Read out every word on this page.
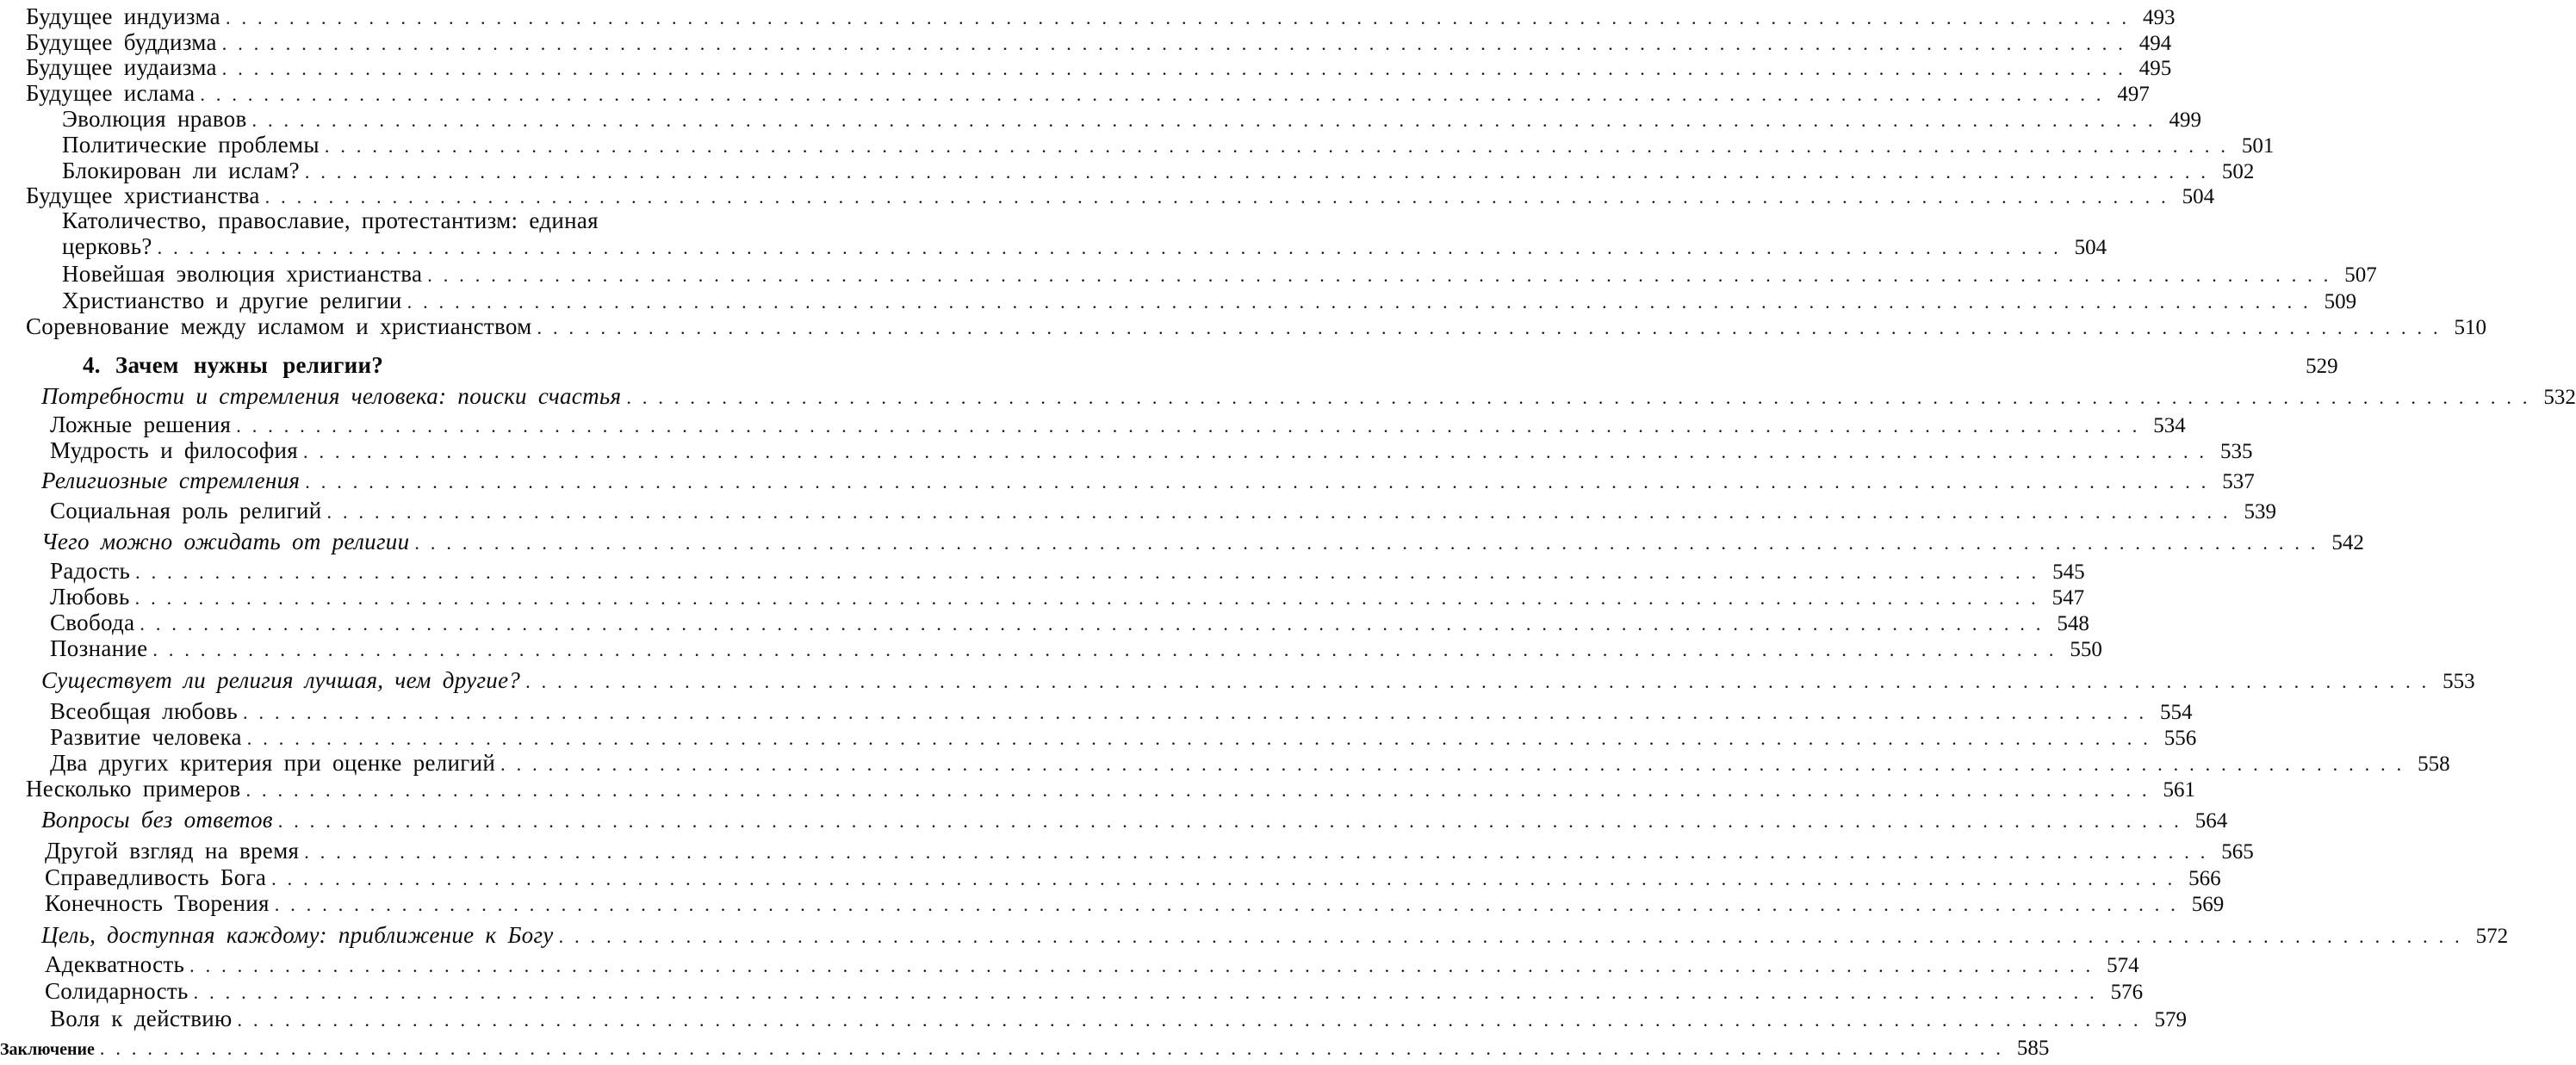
Будущее индуизма ........................................................................................................................ 493
Будущее буддизма ........................................................................................................................ 494
Будущее иудаизма ........................................................................................................................ 495
Будущее ислама ........................................................................................................................ 497
Эволюция нравов ........................................................................................................................ 499
Политические проблемы ........................................................................................................................ 501
Блокирован ли ислам? ........................................................................................................................ 502
Будущее христианства ........................................................................................................................ 504
Католичество, православие, протестантизм: единая
церковь? ........................................................................................................................ 504
Новейшая эволюция христианства ........................................................................................................................ 507
Христианство и другие религии ........................................................................................................................ 509
Соревнование между исламом и христианством ........................................................................................................................ 510
4. Зачем нужны религии?	529
Потребности и стремления человека: поиски счастья ........................................................................................................................ 532
Ложные решения ........................................................................................................................ 534
Мудрость и философия ........................................................................................................................ 535
Религиозные стремления ........................................................................................................................ 537
Социальная роль религий ........................................................................................................................ 539
Чего можно ожидать от религии ........................................................................................................................ 542
Радость ........................................................................................................................ 545
Любовь ........................................................................................................................ 547
Свобода ........................................................................................................................ 548
Познание ........................................................................................................................ 550
Существует ли религия лучшая, чем другие? ........................................................................................................................ 553
Всеобщая любовь ........................................................................................................................ 554
Развитие человека ........................................................................................................................ 556
Два других критерия при оценке религий ........................................................................................................................ 558
Несколько примеров ........................................................................................................................ 561
Вопросы без ответов ........................................................................................................................ 564
Другой взгляд на время ........................................................................................................................ 565
Справедливость Бога ........................................................................................................................ 566
Конечность Творения ........................................................................................................................ 569
Цель, доступная каждому: приближение к Богу ........................................................................................................................ 572
Адекватность ........................................................................................................................ 574
Солидарность ........................................................................................................................ 576
Воля к действию ........................................................................................................................ 579
Заключение ........................................................................................................................ 585
